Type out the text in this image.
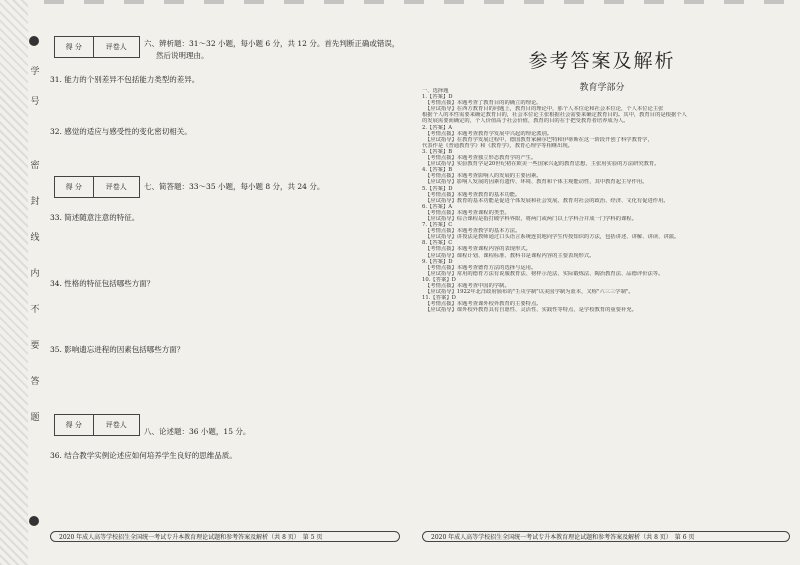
学
号
密
封
线
内
不
要
答
题
得 分	评卷人	六、辨析题：31～32 小题，每小题 6 分，共 12 分。首先判断正确或错误，
然后说明理由。
31. 能力的个别差异不包括能力类型的差异。
32. 感觉的适应与感受性的变化密切相关。
得 分	评卷人	七、简答题：33～35 小题，每小题 8 分，共 24 分。
33. 简述随意注意的特征。
34. 性格的特征包括哪些方面？
35. 影响遗忘进程的因素包括哪些方面？
得 分	评卷人
八、论述题：36 小题，15 分。
36. 结合教学实例论述应如何培养学生良好的思维品质。
2020 年成人高等学校招生全国统一考试专升本教育理论试题和参考答案及解析（共 8 页）　第 5 页
参考答案及解析
教育学部分
一、选择题
1.【答案】D
【考情点拨】本题考查了教育目的的确立的理论。
【应试指导】在西方教育目的问题上，教育目的理论中，那个人本位论和社会本位论，个人本位论主张
根据个人的本性需要来确定教育目的，社会本位论主张根据社会需要来确定教育目的。其中，教育目的是根据个人
的发展需要而确定的，个人价值高于社会价值，教育的目的在于把受教育者培养成为人。
2.【答案】A
【考情点拨】本题考查教育学发展中兴起的理论派别。
【应试指导】在教育学发展过程中，德国教育家赫尔巴特和伊蒂斯在这一阶段开创了科学教育学，
代表作是《普通教育学》和《教育学》，教育心理学等相继出现。
3.【答案】B
【考情点拨】本题考查独立形态教育学的产生。
【应试指导】实验教育学是20世纪初在欧美一些国家兴起的教育思想，主张用实验的方法研究教育。
4.【答案】B
【考情点拨】本题考查影响人的发展的主要因素。
【应试指导】影响人发展的因素有遗传、环境、教育和个体主观能动性，其中教育起主导作用。
5.【答案】D
【考情点拨】本题考查教育的基本功能。
【应试指导】教育的基本功能是促进个体发展和社会发展，教育对社会的政治、经济、文化有促进作用。
6.【答案】A
【考情点拨】本题考查课程的类型。
【应试指导】综合课程是指打破学科界限，将两门或两门以上学科合并成一门学科的课程。
7.【答案】C
【考情点拨】本题考查教学的基本方法。
【应试指导】讲授法是教师通过口头语言系统连贯地向学生传授知识的方法，包括讲述、讲解、讲读、讲演。
8.【答案】C
【考情点拨】本题考查课程内容的表现形式。
【应试指导】课程计划、课程标准、教科书是课程内容的主要表现形式。
9.【答案】D
【考情点拨】本题考查德育方法的选择与运用。
【应试指导】常用的德育方法有说服教育法、榜样示范法、实际锻炼法、陶冶教育法、品德评价法等。
10.【答案】D
【考情点拨】本题考查中国的学制。
【应试指导】1922年北洋政府颁布的"壬戌学制"以美国学制为蓝本，又称"六三三学制"。
11.【答案】D
【考情点拨】本题考查课外校外教育的主要特点。
【应试指导】课外校外教育具有自愿性、灵活性、实践性等特点，是学校教育的重要补充。
2020 年成人高等学校招生全国统一考试专升本教育理论试题和参考答案及解析（共 8 页）　第 6 页
